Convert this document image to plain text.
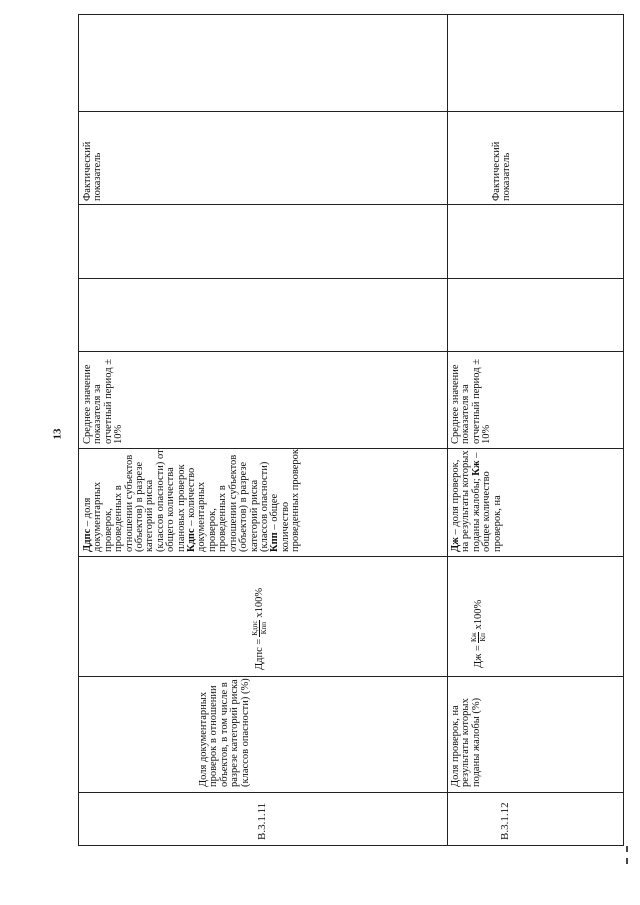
13
В.3.1.11
Доля документарных проверок в отношении объектов, в том числе в разрезе категорий риска (классов опасности) (%)
Ддпс =
Кдпс Кпп
х100%
Ддпс – доля документарных проверок, проведенных в отношении субъектов (объектов) в разрезе категорий риска (классов опасности) от общего количества плановых проверок Кдпс – количество документарных проверок, проведенных в отношении субъектов (объектов) в разрезе категорий риска (классов опасности) Кпп – общее количество проведенных проверок
Среднее значение показателя за отчетный период ± 10%
Фактический показатель
В.3.1.12
Доля проверок, на результаты которых поданы жалобы (%)
Дж =
Кж Кп
х100%
Дж – доля проверок, на результаты которых поданы жалобы; Кж – общее количество проверок, на
Среднее значение показателя за отчетный период ± 10%
Фактический показатель
